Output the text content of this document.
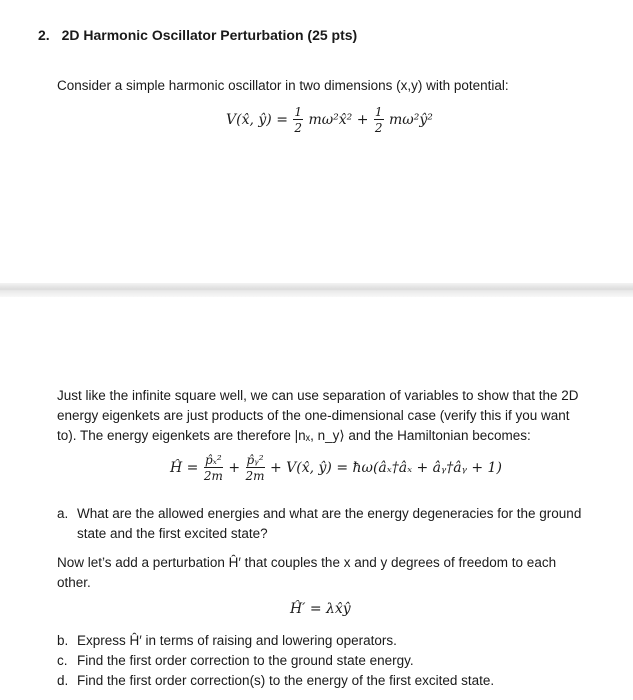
2. 2D Harmonic Oscillator Perturbation (25 pts)
Consider a simple harmonic oscillator in two dimensions (x,y) with potential:
V(x̂, ŷ) = $\frac{1}{2}$ mω²x̂² + $\frac{1}{2}$ mω²ŷ²
Just like the infinite square well, we can use separation of variables to show that the 2D energy eigenkets are just products of the one-dimensional case (verify this if you want to). The energy eigenkets are therefore |nₓ, n_y⟩ and the Hamiltonian becomes:
Ĥ = $\frac{\text{p̂ₓ²}}{2m} + \frac{\text{p̂ᵧ²}}{2m}$ + V(x̂, ŷ) = ħω(âₓ†âₓ + âᵧ†âᵧ + 1)
a. What are the allowed energies and what are the energy degeneracies for the ground state and the first excited state?
Now let’s add a perturbation Ĥ′ that couples the x and y degrees of freedom to each other.
Ĥ′ = λx̂ŷ
b. Express Ĥ′ in terms of raising and lowering operators.
c. Find the first order correction to the ground state energy.
d. Find the first order correction(s) to the energy of the first excited state.
